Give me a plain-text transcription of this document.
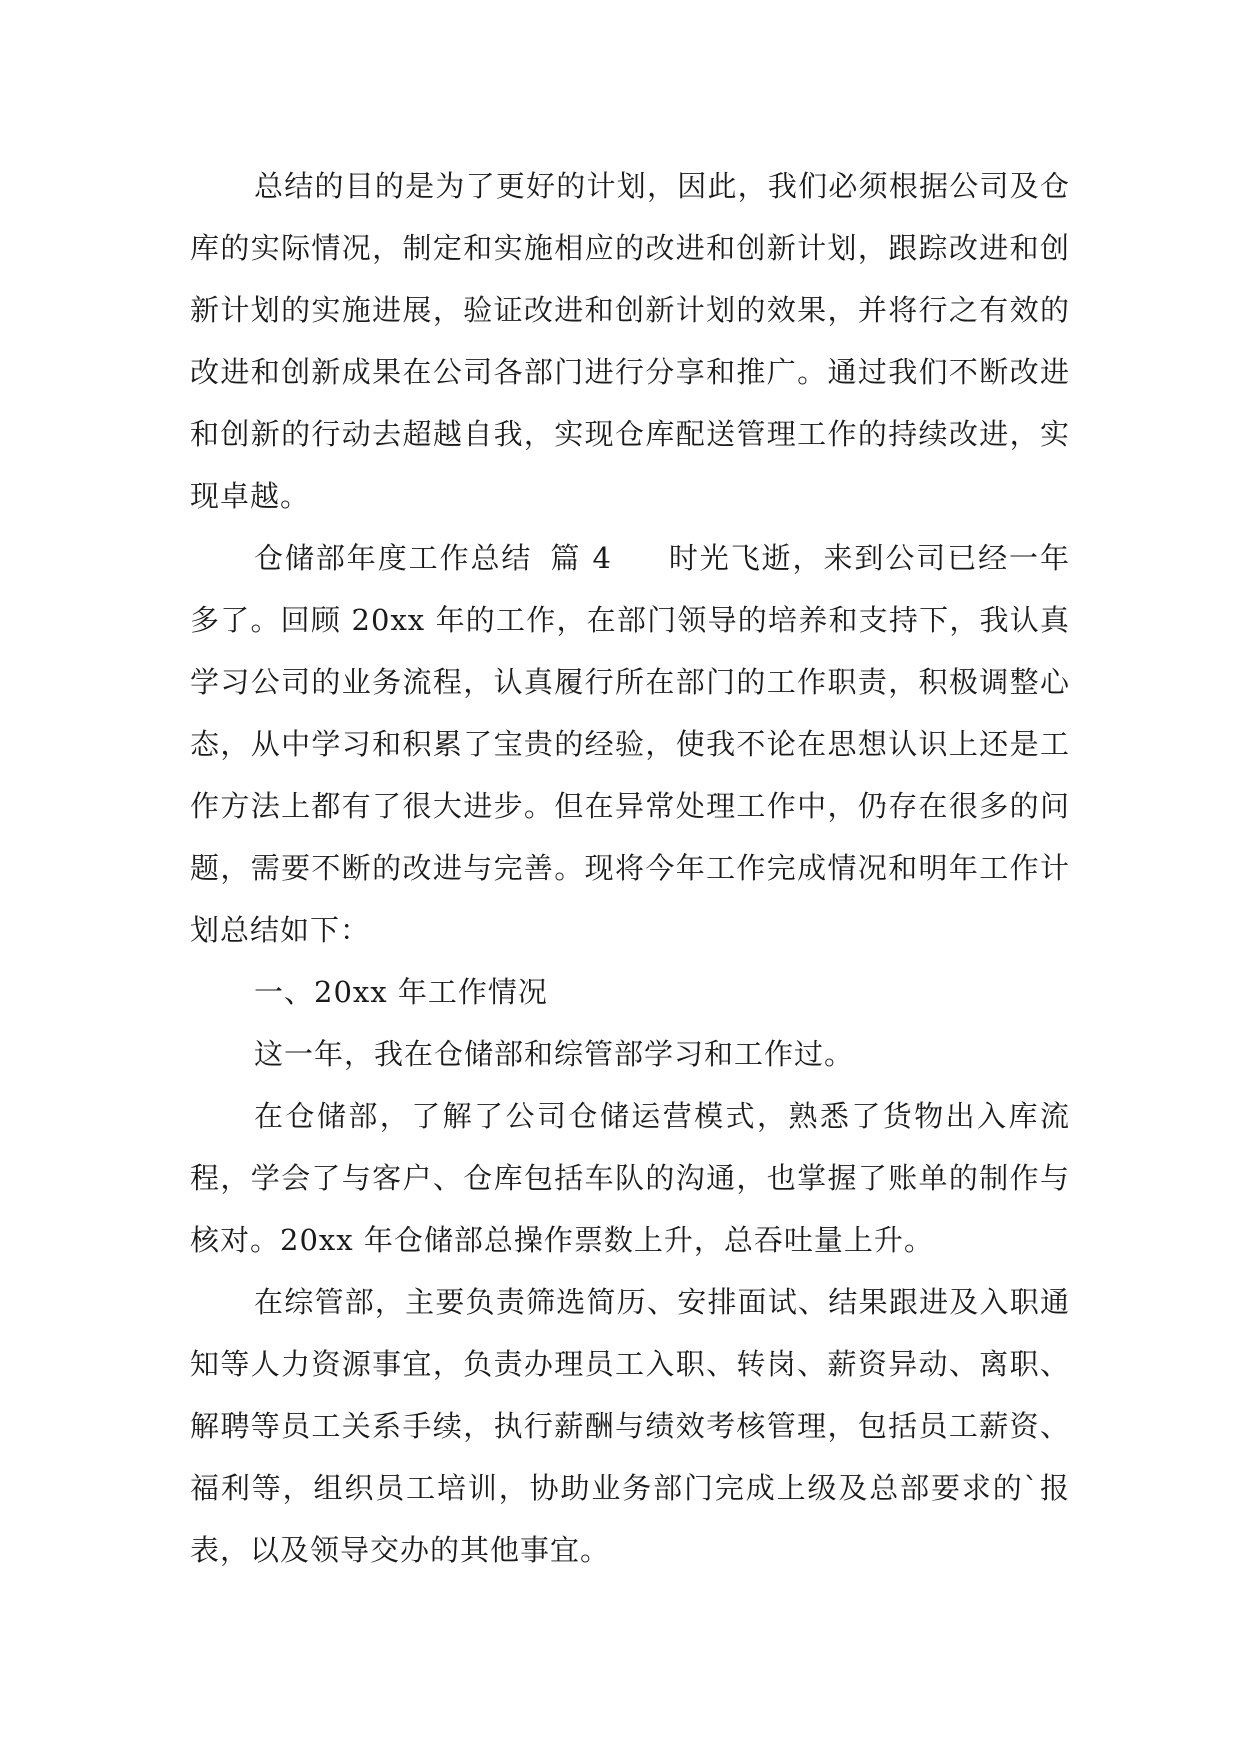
总结的目的是为了更好的计划，因此，我们必须根据公司及仓库的实际情况，制定和实施相应的改进和创新计划，跟踪改进和创新计划的实施进展，验证改进和创新计划的效果，并将行之有效的改进和创新成果在公司各部门进行分享和推广。通过我们不断改进和创新的行动去超越自我，实现仓库配送管理工作的持续改进，实现卓越。

仓储部年度工作总结 篇 4 时光飞逝，来到公司已经一年多了。回顾 20xx 年的工作，在部门领导的培养和支持下，我认真学习公司的业务流程，认真履行所在部门的工作职责，积极调整心态，从中学习和积累了宝贵的经验，使我不论在思想认识上还是工作方法上都有了很大进步。但在异常处理工作中，仍存在很多的问题，需要不断的改进与完善。现将今年工作完成情况和明年工作计划总结如下：

一、20xx 年工作情况

这一年，我在仓储部和综管部学习和工作过。

在仓储部，了解了公司仓储运营模式，熟悉了货物出入库流程，学会了与客户、仓库包括车队的沟通，也掌握了账单的制作与核对。20xx 年仓储部总操作票数上升，总吞吐量上升。

在综管部，主要负责筛选简历、安排面试、结果跟进及入职通知等人力资源事宜，负责办理员工入职、转岗、薪资异动、离职、解聘等员工关系手续，执行薪酬与绩效考核管理，包括员工薪资、福利等，组织员工培训，协助业务部门完成上级及总部要求的`报表，以及领导交办的其他事宜。
